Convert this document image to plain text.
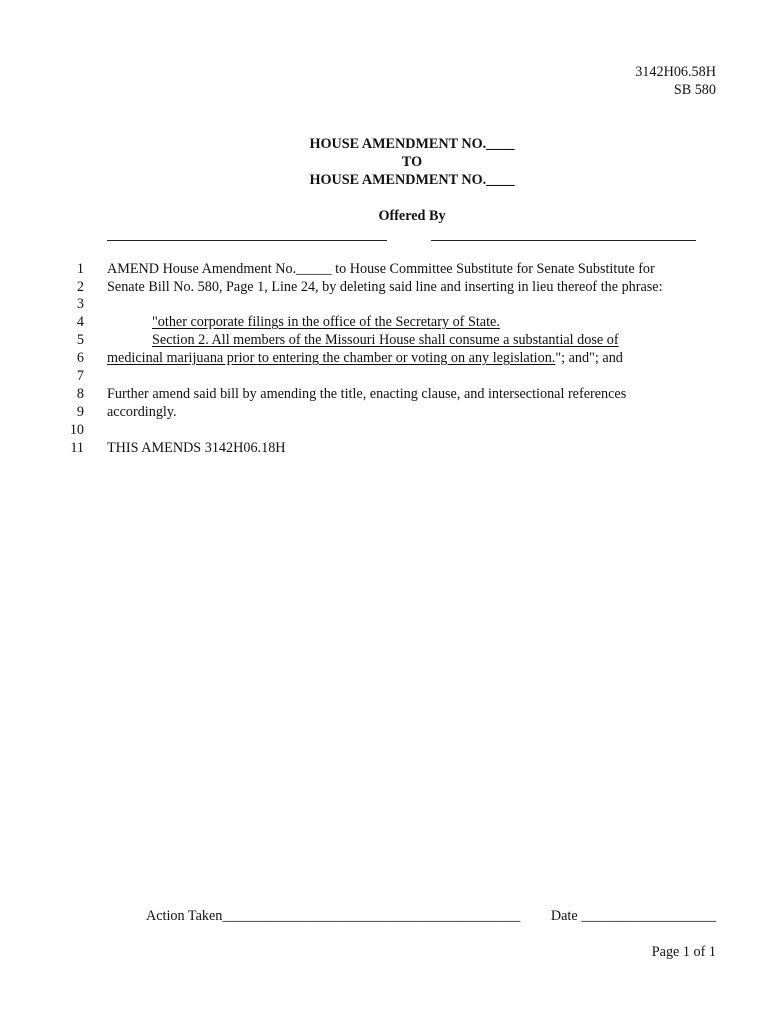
3142H06.58H
SB 580
HOUSE AMENDMENT NO.____
TO
HOUSE AMENDMENT NO.____
Offered By
1
2
3
4
5
6
7
8
9
10
11
AMEND House Amendment No._____ to House Committee Substitute for Senate Substitute for
Senate Bill No. 580, Page 1, Line 24, by deleting said line and inserting in lieu thereof the phrase:
"other corporate filings in the office of the Secretary of State.
Section 2. All members of the Missouri House shall consume a substantial dose of
medicinal marijuana prior to entering the chamber or voting on any legislation."; and"; and
Further amend said bill by amending the title, enacting clause, and intersectional references
accordingly.
THIS AMENDS 3142H06.18H
Action Taken__________________________________________	Date ___________________
Page 1 of 1
